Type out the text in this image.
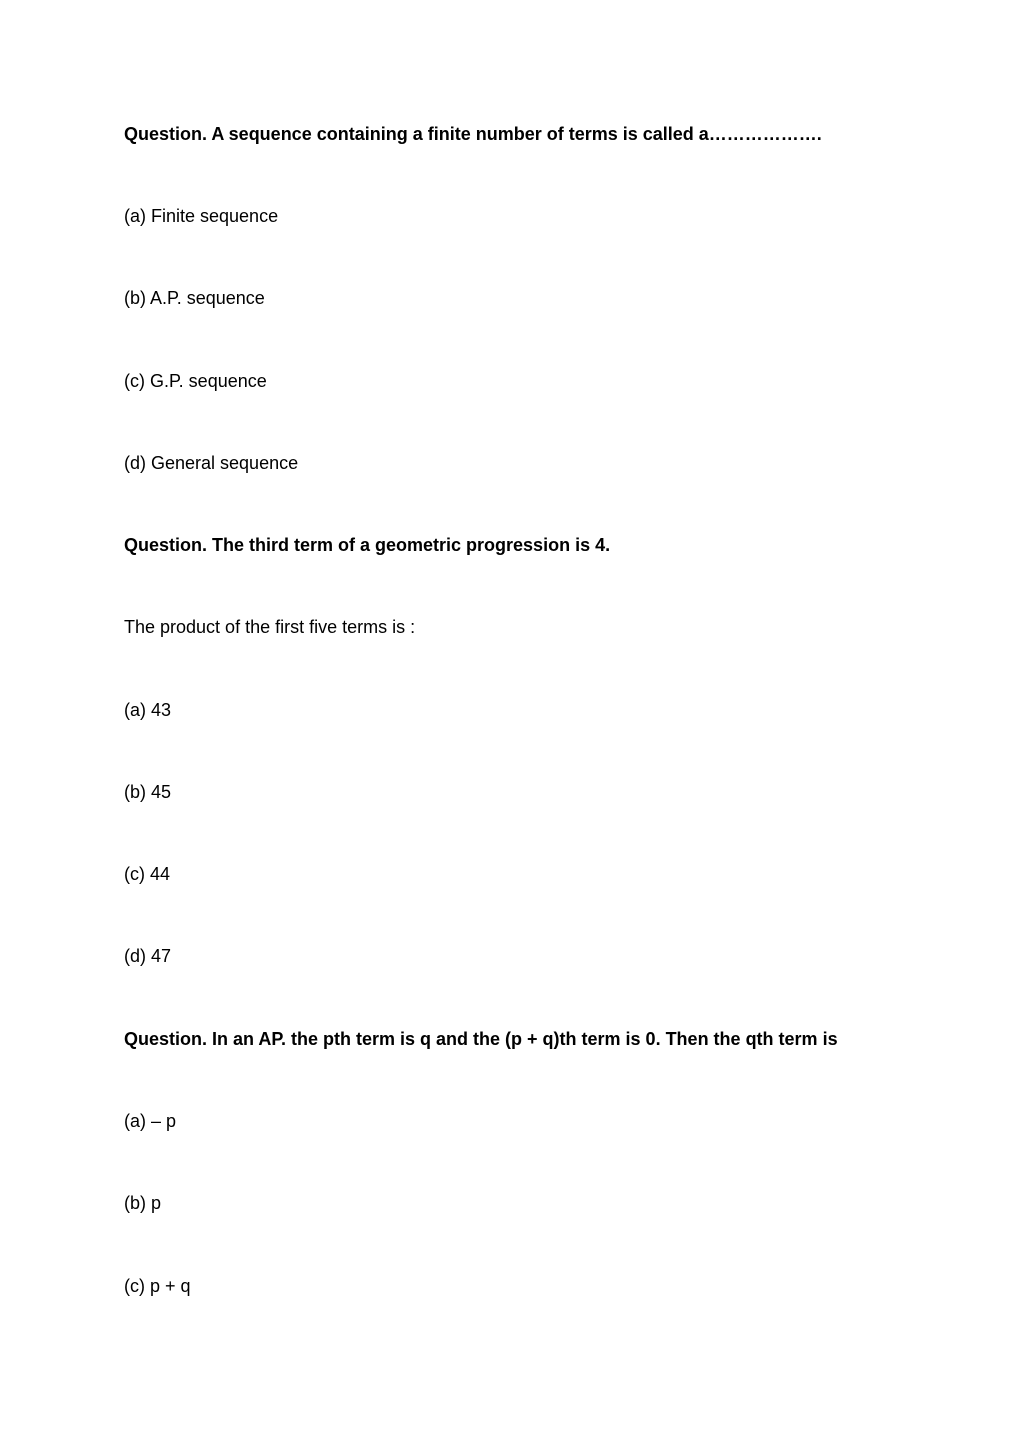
Question. A sequence containing a finite number of terms is called a……………….
(a) Finite sequence
(b) A.P. sequence
(c) G.P. sequence
(d) General sequence
Question. The third term of a geometric progression is 4.
The product of the first five terms is :
(a) 43
(b) 45
(c) 44
(d) 47
Question. In an AP. the pth term is q and the (p + q)th term is 0. Then the qth term is
(a) – p
(b) p
(c) p + q
